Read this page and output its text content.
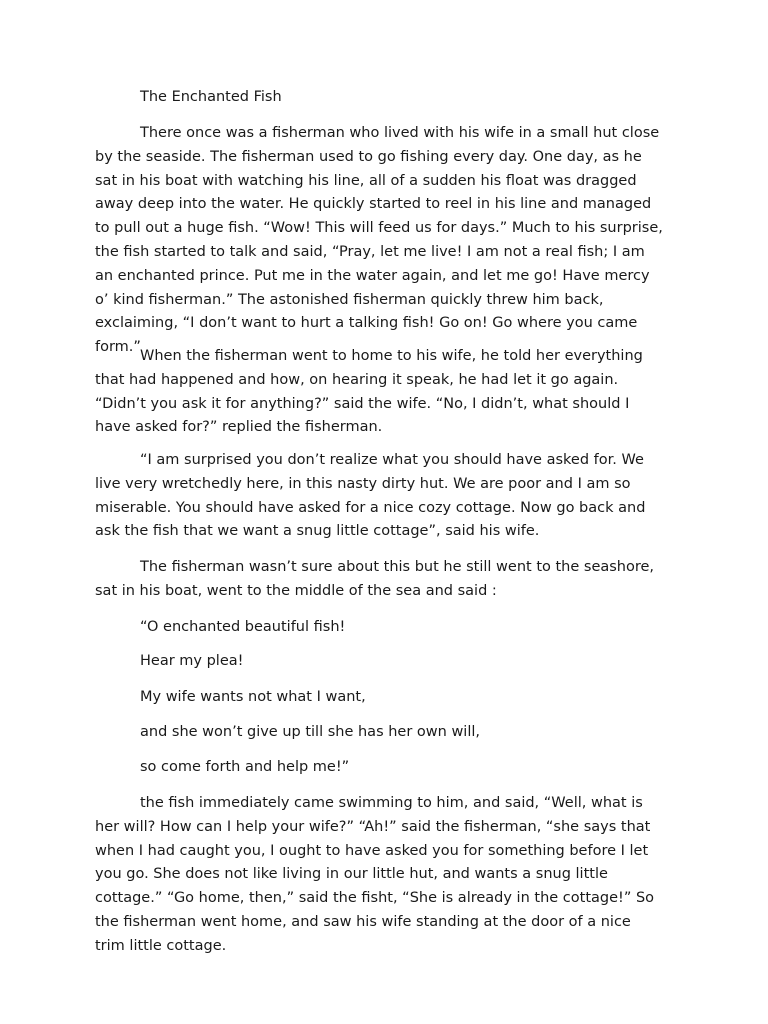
The Enchanted Fish

There once was a fisherman who lived with his wife in a small hut close by the seaside. The fisherman used to go fishing every day. One day, as he sat in his boat with watching his line, all of a sudden his float was dragged away deep into the water. He quickly started to reel in his line and managed to pull out a huge fish. “Wow! This will feed us for days.” Much to his surprise, the fish started to talk and said, “Pray, let me live! I am not a real fish; I am an enchanted prince. Put me in the water again, and let me go! Have mercy o’ kind fisherman.” The astonished fisherman quickly threw him back, exclaiming, “I don’t want to hurt a talking fish! Go on! Go where you came form.”

When the fisherman went to home to his wife, he told her everything that had happened and how, on hearing it speak, he had let it go again. “Didn’t you ask it for anything?” said the wife. “No, I didn’t, what should I have asked for?” replied the fisherman.

“I am surprised you don’t realize what you should have asked for. We live very wretchedly here, in this nasty dirty hut. We are poor and I am so miserable. You should have asked for a nice cozy cottage. Now go back and ask the fish that we want a snug little cottage”, said his wife.

The fisherman wasn’t sure about this but he still went to the seashore, sat in his boat, went to the middle of the sea and said :

“O enchanted beautiful fish!

Hear my plea!

My wife wants not what I want,

and she won’t give up till she has her own will,

so come forth and help me!”

the fish immediately came swimming to him, and said, “Well, what is her will? How can I help your wife?” “Ah!” said the fisherman, “she says that when I had caught you, I ought to have asked you for something before I let you go. She does not like living in our little hut, and wants a snug little cottage.” “Go home, then,” said the fisht, “She is already in the cottage!” So the fisherman went home, and saw his wife standing at the door of a nice trim little cottage.
